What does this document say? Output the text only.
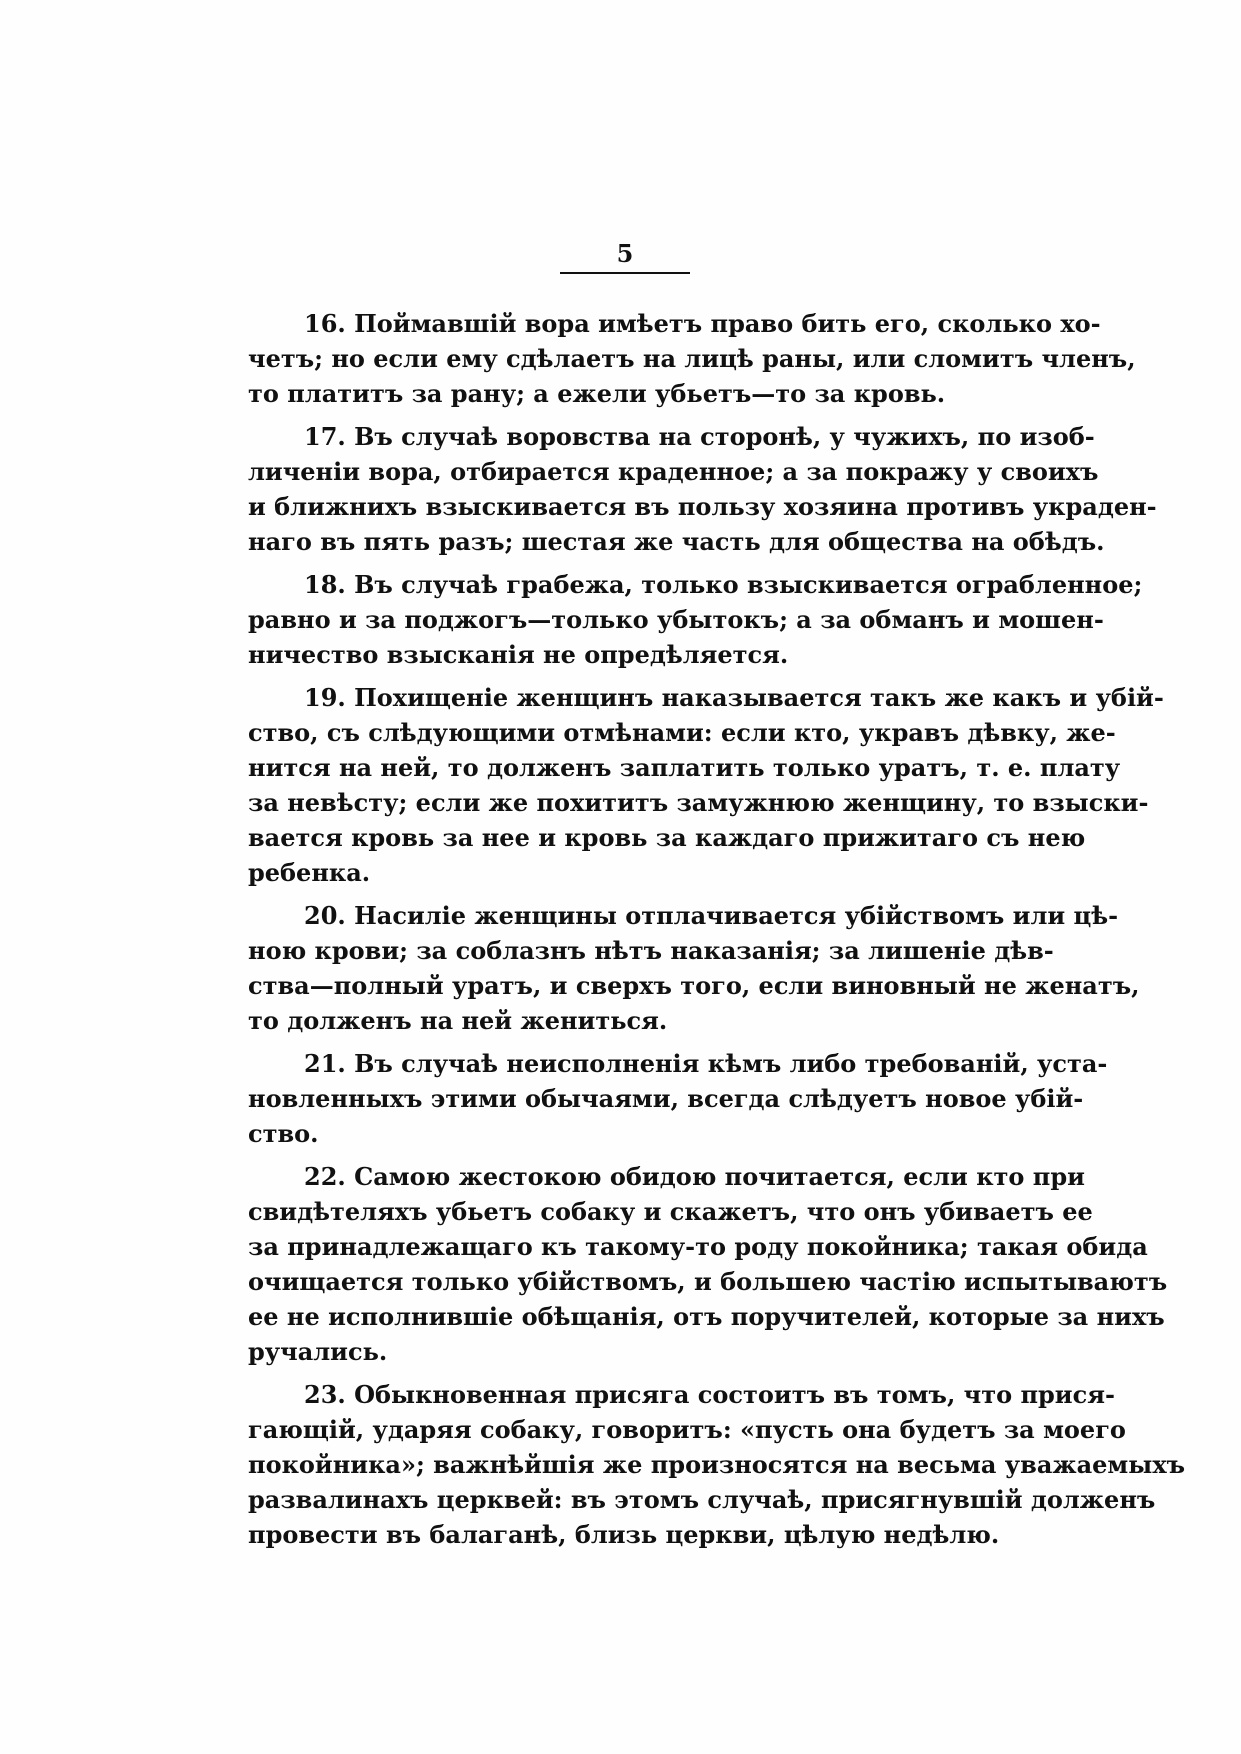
5
16. Поймавшій вора имѣетъ право бить его, сколько хо-
четъ; но если ему сдѣлаетъ на лицѣ раны, или сломитъ членъ,
то платитъ за рану; а ежели убьетъ—то за кровь.
17. Въ случаѣ воровства на сторонѣ, у чужихъ, по изоб-
личеніи вора, отбирается краденное; а за покражу у своихъ
и ближнихъ взыскивается въ пользу хозяина противъ украден-
наго въ пять разъ; шестая же часть для общества на обѣдъ.
18. Въ случаѣ грабежа, только взыскивается ограбленное;
равно и за поджогъ—только убытокъ; а за обманъ и мошен-
ничество взысканія не опредѣляется.
19. Похищеніе женщинъ наказывается такъ же какъ и убій-
ство, съ слѣдующими отмѣнами: если кто, укравъ дѣвку, же-
нится на ней, то долженъ заплатить только уратъ, т. е. плату
за невѣсту; если же похититъ замужнюю женщину, то взыски-
вается кровь за нее и кровь за каждаго прижитаго съ нею
ребенка.
20. Насиліе женщины отплачивается убійствомъ или цѣ-
ною крови; за соблазнъ нѣтъ наказанія; за лишеніе дѣв-
ства—полный уратъ, и сверхъ того, если виновный не женатъ,
то долженъ на ней жениться.
21. Въ случаѣ неисполненія кѣмъ либо требованій, уста-
новленныхъ этими обычаями, всегда слѣдуетъ новое убій-
ство.
22. Самою жестокою обидою почитается, если кто при
свидѣтеляхъ убьетъ собаку и скажетъ, что онъ убиваетъ ее
за принадлежащаго къ такому-то роду покойника; такая обида
очищается только убійствомъ, и большею частію испытываютъ
ее не исполнившіе обѣщанія, отъ поручителей, которые за нихъ
ручались.
23. Обыкновенная присяга состоитъ въ томъ, что прися-
гающій, ударяя собаку, говоритъ: «пусть она будетъ за моего
покойника»; важнѣйшія же произносятся на весьма уважаемыхъ
развалинахъ церквей: въ этомъ случаѣ, присягнувшій долженъ
провести въ балаганѣ, близь церкви, цѣлую недѣлю.
